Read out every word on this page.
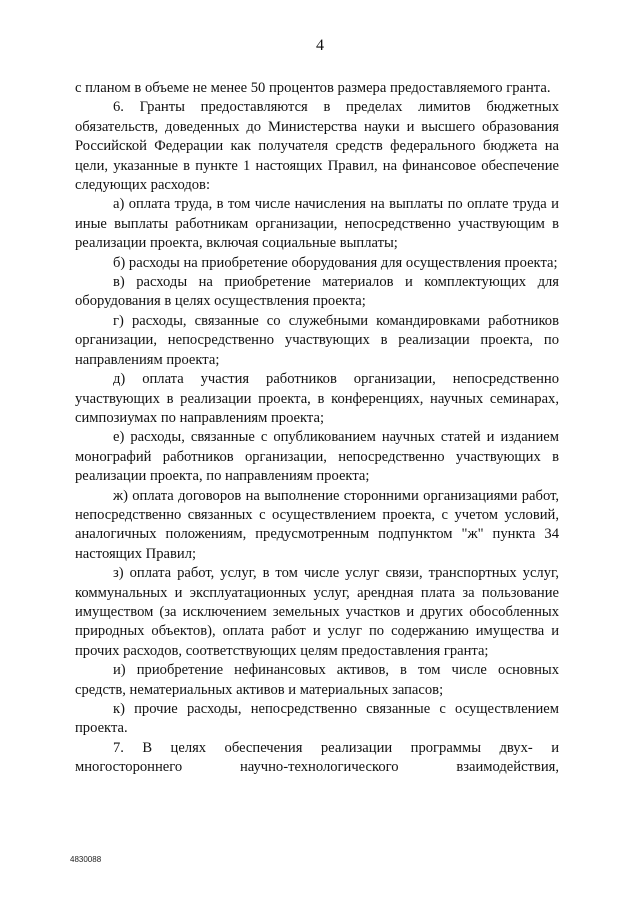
4

с планом в объеме не менее 50 процентов размера предоставляемого гранта.

6. Гранты предоставляются в пределах лимитов бюджетных обязательств, доведенных до Министерства науки и высшего образования Российской Федерации как получателя средств федерального бюджета на цели, указанные в пункте 1 настоящих Правил, на финансовое обеспечение следующих расходов:

а) оплата труда, в том числе начисления на выплаты по оплате труда и иные выплаты работникам организации, непосредственно участвующим в реализации проекта, включая социальные выплаты;

б) расходы на приобретение оборудования для осуществления проекта;

в) расходы на приобретение материалов и комплектующих для оборудования в целях осуществления проекта;

г) расходы, связанные со служебными командировками работников организации, непосредственно участвующих в реализации проекта, по направлениям проекта;

д) оплата участия работников организации, непосредственно участвующих в реализации проекта, в конференциях, научных семинарах, симпозиумах по направлениям проекта;

е) расходы, связанные с опубликованием научных статей и изданием монографий работников организации, непосредственно участвующих в реализации проекта, по направлениям проекта;

ж) оплата договоров на выполнение сторонними организациями работ, непосредственно связанных с осуществлением проекта, с учетом условий, аналогичных положениям, предусмотренным подпунктом "ж" пункта 34 настоящих Правил;

з) оплата работ, услуг, в том числе услуг связи, транспортных услуг, коммунальных и эксплуатационных услуг, арендная плата за пользование имуществом (за исключением земельных участков и других обособленных природных объектов), оплата работ и услуг по содержанию имущества и прочих расходов, соответствующих целям предоставления гранта;

и) приобретение нефинансовых активов, в том числе основных средств, нематериальных активов и материальных запасов;

к) прочие расходы, непосредственно связанные с осуществлением проекта.

7. В целях обеспечения реализации программы двух- и многостороннего научно-технологического взаимодействия,

4830088
